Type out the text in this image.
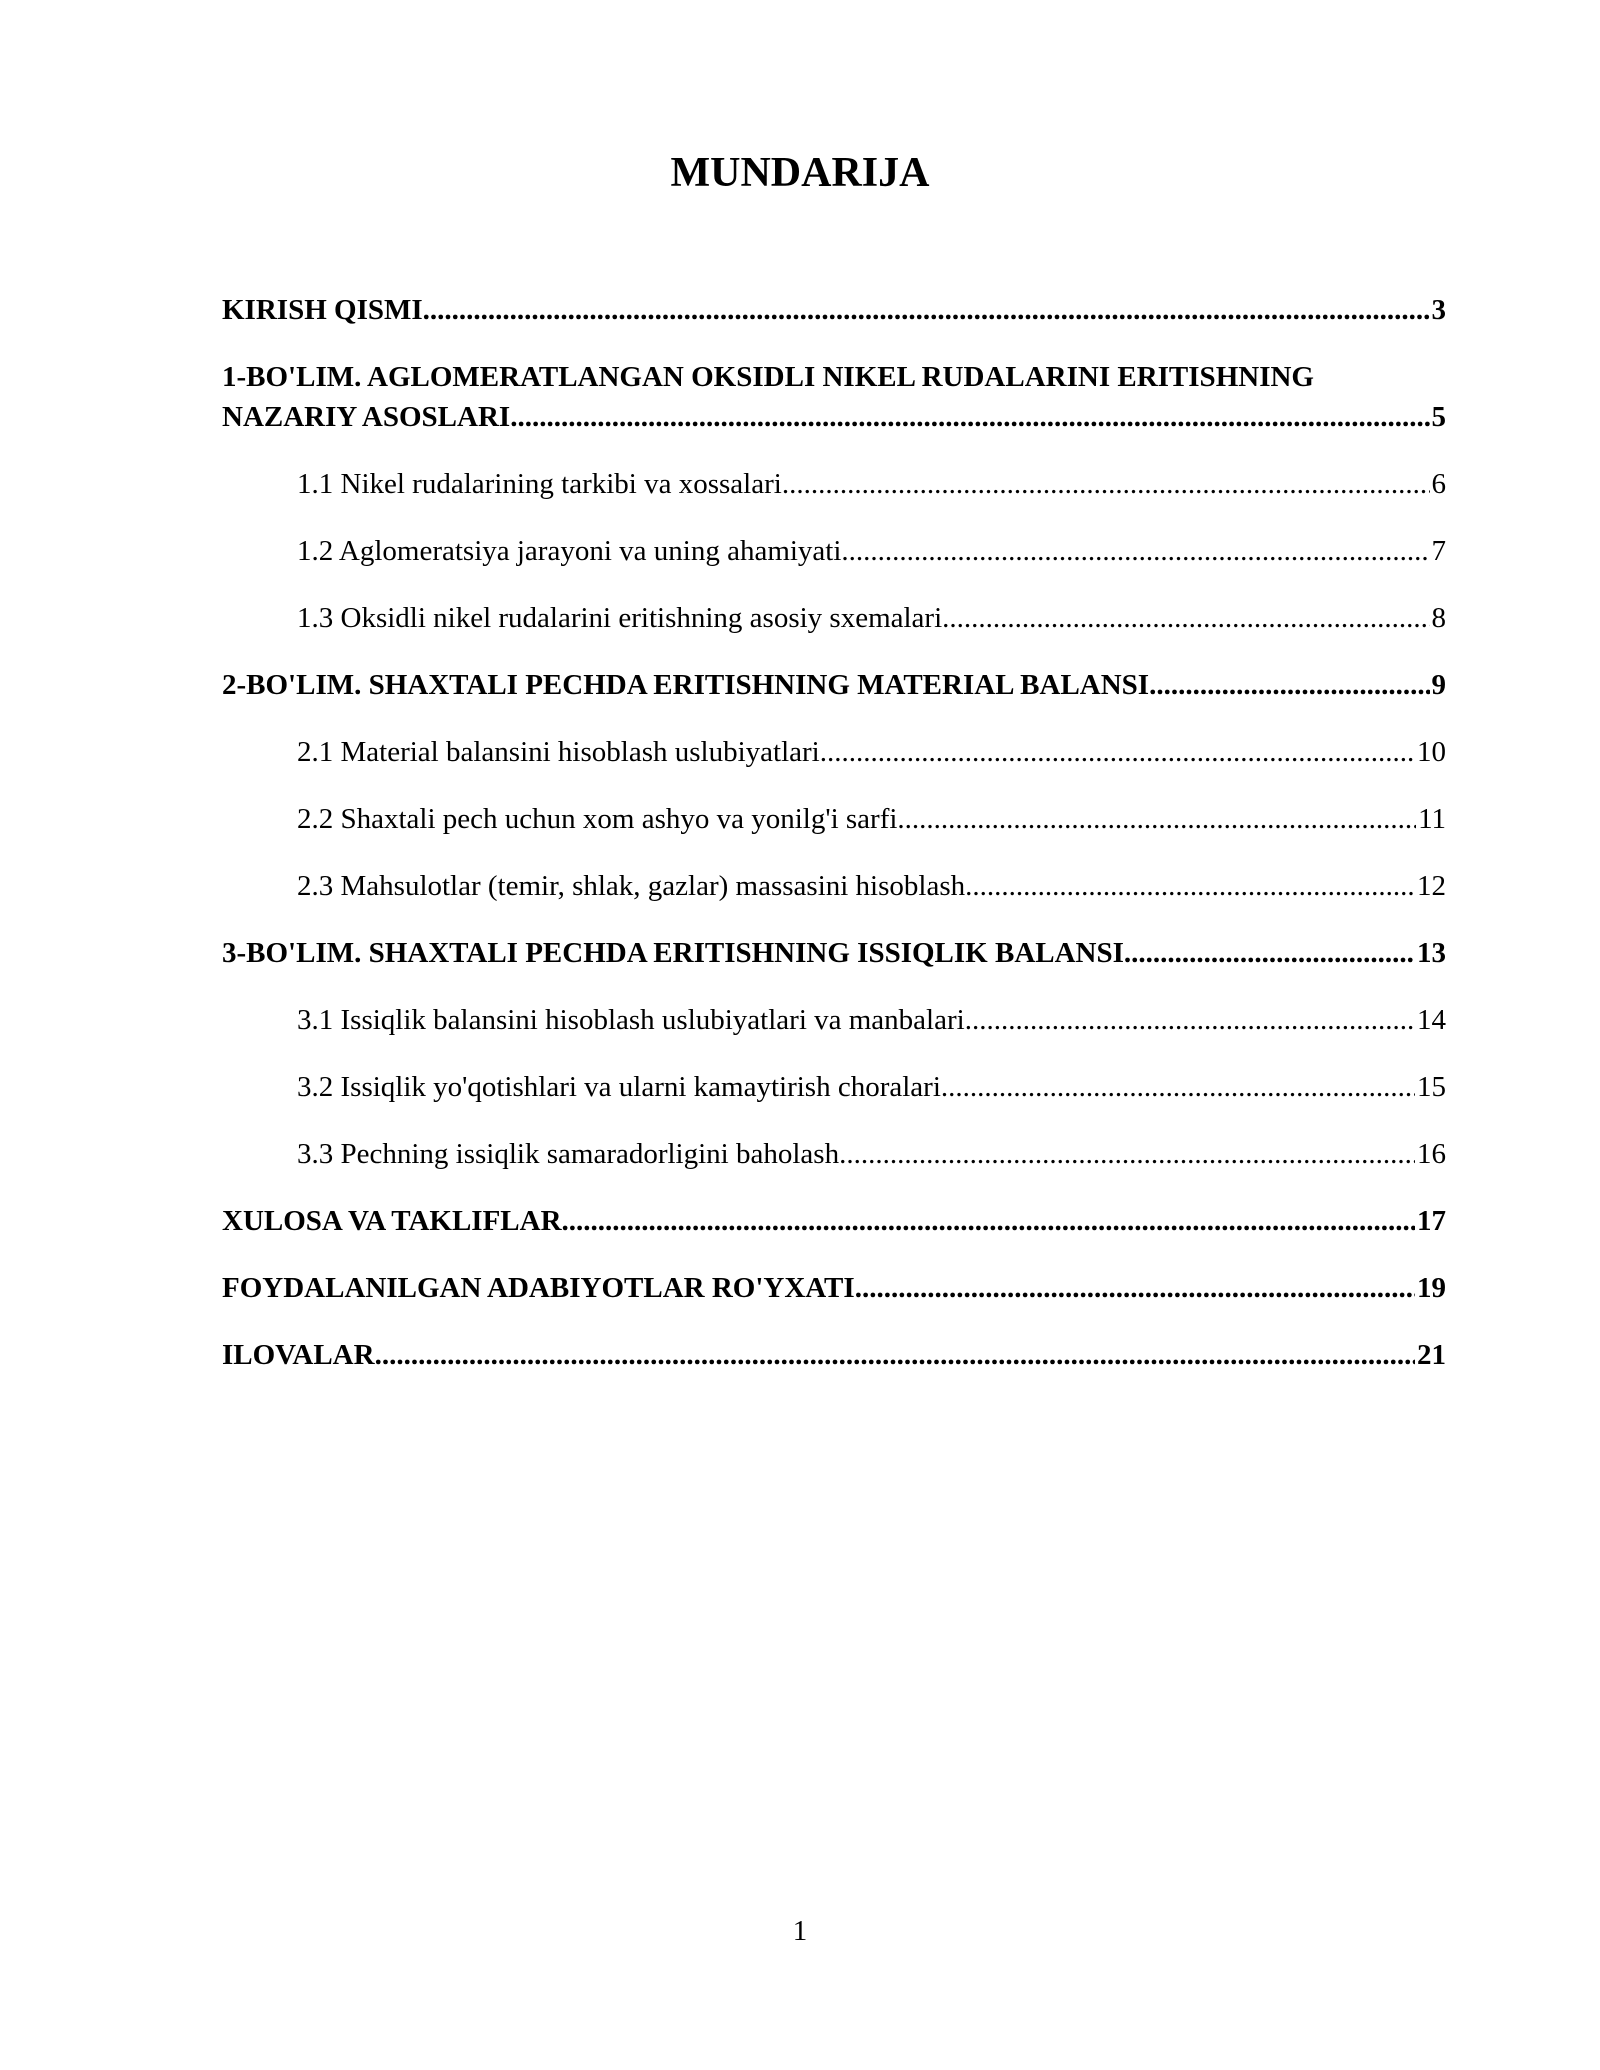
MUNDARIJA
KIRISH QISMI .....	3
1-BO'LIM. AGLOMERATLANGAN OKSIDLI NIKEL RUDALARINI ERITISHNING
NAZARIY ASOSLARI .....	5
1.1 Nikel rudalarining tarkibi va xossalari .....	6
1.2 Aglomeratsiya jarayoni va uning ahamiyati .....	7
1.3 Oksidli nikel rudalarini eritishning asosiy sxemalari .....	8
2-BO'LIM. SHAXTALI PECHDA ERITISHNING MATERIAL BALANSI .....	9
2.1 Material balansini hisoblash uslubiyatlari .....	10
2.2 Shaxtali pech uchun xom ashyo va yonilg'i sarfi .....	11
2.3 Mahsulotlar (temir, shlak, gazlar) massasini hisoblash .....	12
3-BO'LIM. SHAXTALI PECHDA ERITISHNING ISSIQLIK BALANSI .....	13
3.1 Issiqlik balansini hisoblash uslubiyatlari va manbalari .....	14
3.2 Issiqlik yo'qotishlari va ularni kamaytirish choralari .....	15
3.3 Pechning issiqlik samaradorligini baholash .....	16
XULOSA VA TAKLIFLAR .....	17
FOYDALANILGAN ADABIYOTLAR RO'YXATI .....	19
ILOVALAR .....	21
1
